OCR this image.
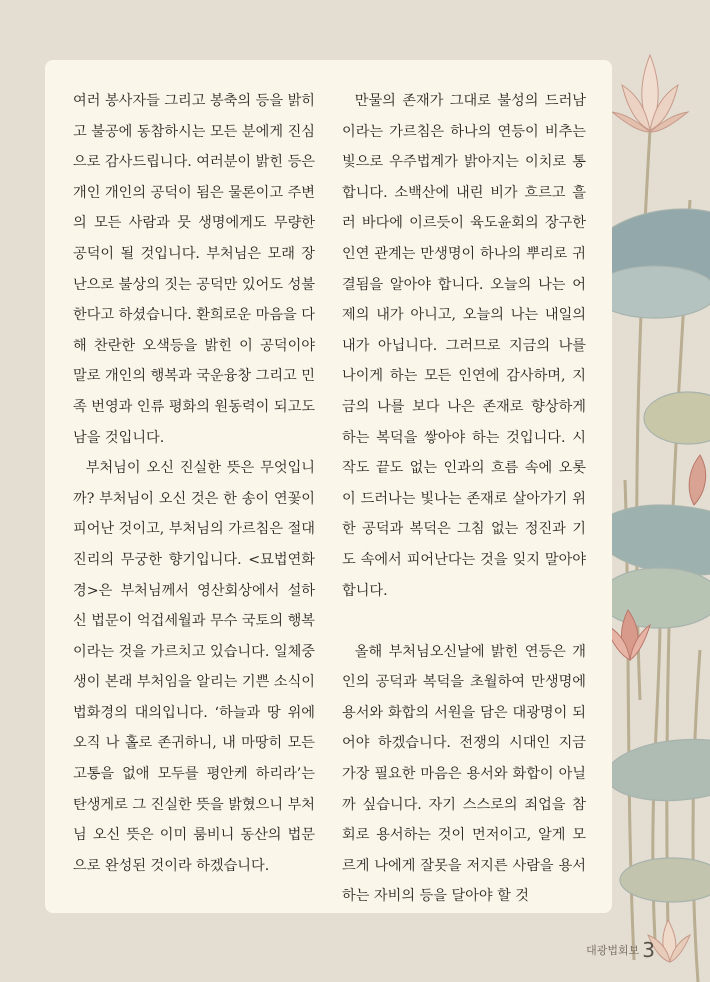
여러 봉사자들 그리고 봉축의 등을 밝히고 불공에 동참하시는 모든 분에게 진심으로 감사드립니다. 여러분이 밝힌 등은 개인 개인의 공덕이 됨은 물론이고 주변의 모든 사람과 뭇 생명에게도 무량한 공덕이 될 것입니다. 부처님은 모래 장난으로 불상의 짓는 공덕만 있어도 성불한다고 하셨습니다. 환희로운 마음을 다해 찬란한 오색등을 밝힌 이 공덕이야 말로 개인의 행복과 국운융창 그리고 민족 번영과 인류 평화의 원동력이 되고도 남을 것입니다.

부처님이 오신 진실한 뜻은 무엇입니까? 부처님이 오신 것은 한 송이 연꽃이 피어난 것이고, 부처님의 가르침은 절대 진리의 무궁한 향기입니다. <묘법연화경>은 부처님께서 영산회상에서 설하신 법문이 억겁세월과 무수 국토의 행복이라는 것을 가르치고 있습니다. 일체중생이 본래 부처임을 알리는 기쁜 소식이 법화경의 대의입니다. ‘하늘과 땅 위에 오직 나 홀로 존귀하니, 내 마땅히 모든 고통을 없애 모두를 평안케 하리라’는 탄생게로 그 진실한 뜻을 밝혔으니 부처님 오신 뜻은 이미 룸비니 동산의 법문으로 완성된 것이라 하겠습니다.

만물의 존재가 그대로 불성의 드러남이라는 가르침은 하나의 연등이 비추는 빛으로 우주법계가 밝아지는 이치로 통합니다. 소백산에 내린 비가 흐르고 흘러 바다에 이르듯이 육도윤회의 장구한 인연 관계는 만생명이 하나의 뿌리로 귀결됨을 알아야 합니다. 오늘의 나는 어제의 내가 아니고, 오늘의 나는 내일의 내가 아닙니다. 그러므로 지금의 나를 나이게 하는 모든 인연에 감사하며, 지금의 나를 보다 나은 존재로 향상하게 하는 복덕을 쌓아야 하는 것입니다. 시작도 끝도 없는 인과의 흐름 속에 오롯이 드러나는 빛나는 존재로 살아가기 위한 공덕과 복덕은 그침 없는 정진과 기도 속에서 피어난다는 것을 잊지 말아야 합니다.

올해 부처님오신날에 밝힌 연등은 개인의 공덕과 복덕을 초월하여 만생명에 용서와 화합의 서원을 담은 대광명이 되어야 하겠습니다. 전쟁의 시대인 지금 가장 필요한 마음은 용서와 화합이 아닐까 싶습니다. 자기 스스로의 죄업을 참회로 용서하는 것이 먼저이고, 알게 모르게 나에게 잘못을 저지른 사람을 용서하는 자비의 등을 달아야 할 것

대광법회보 3
